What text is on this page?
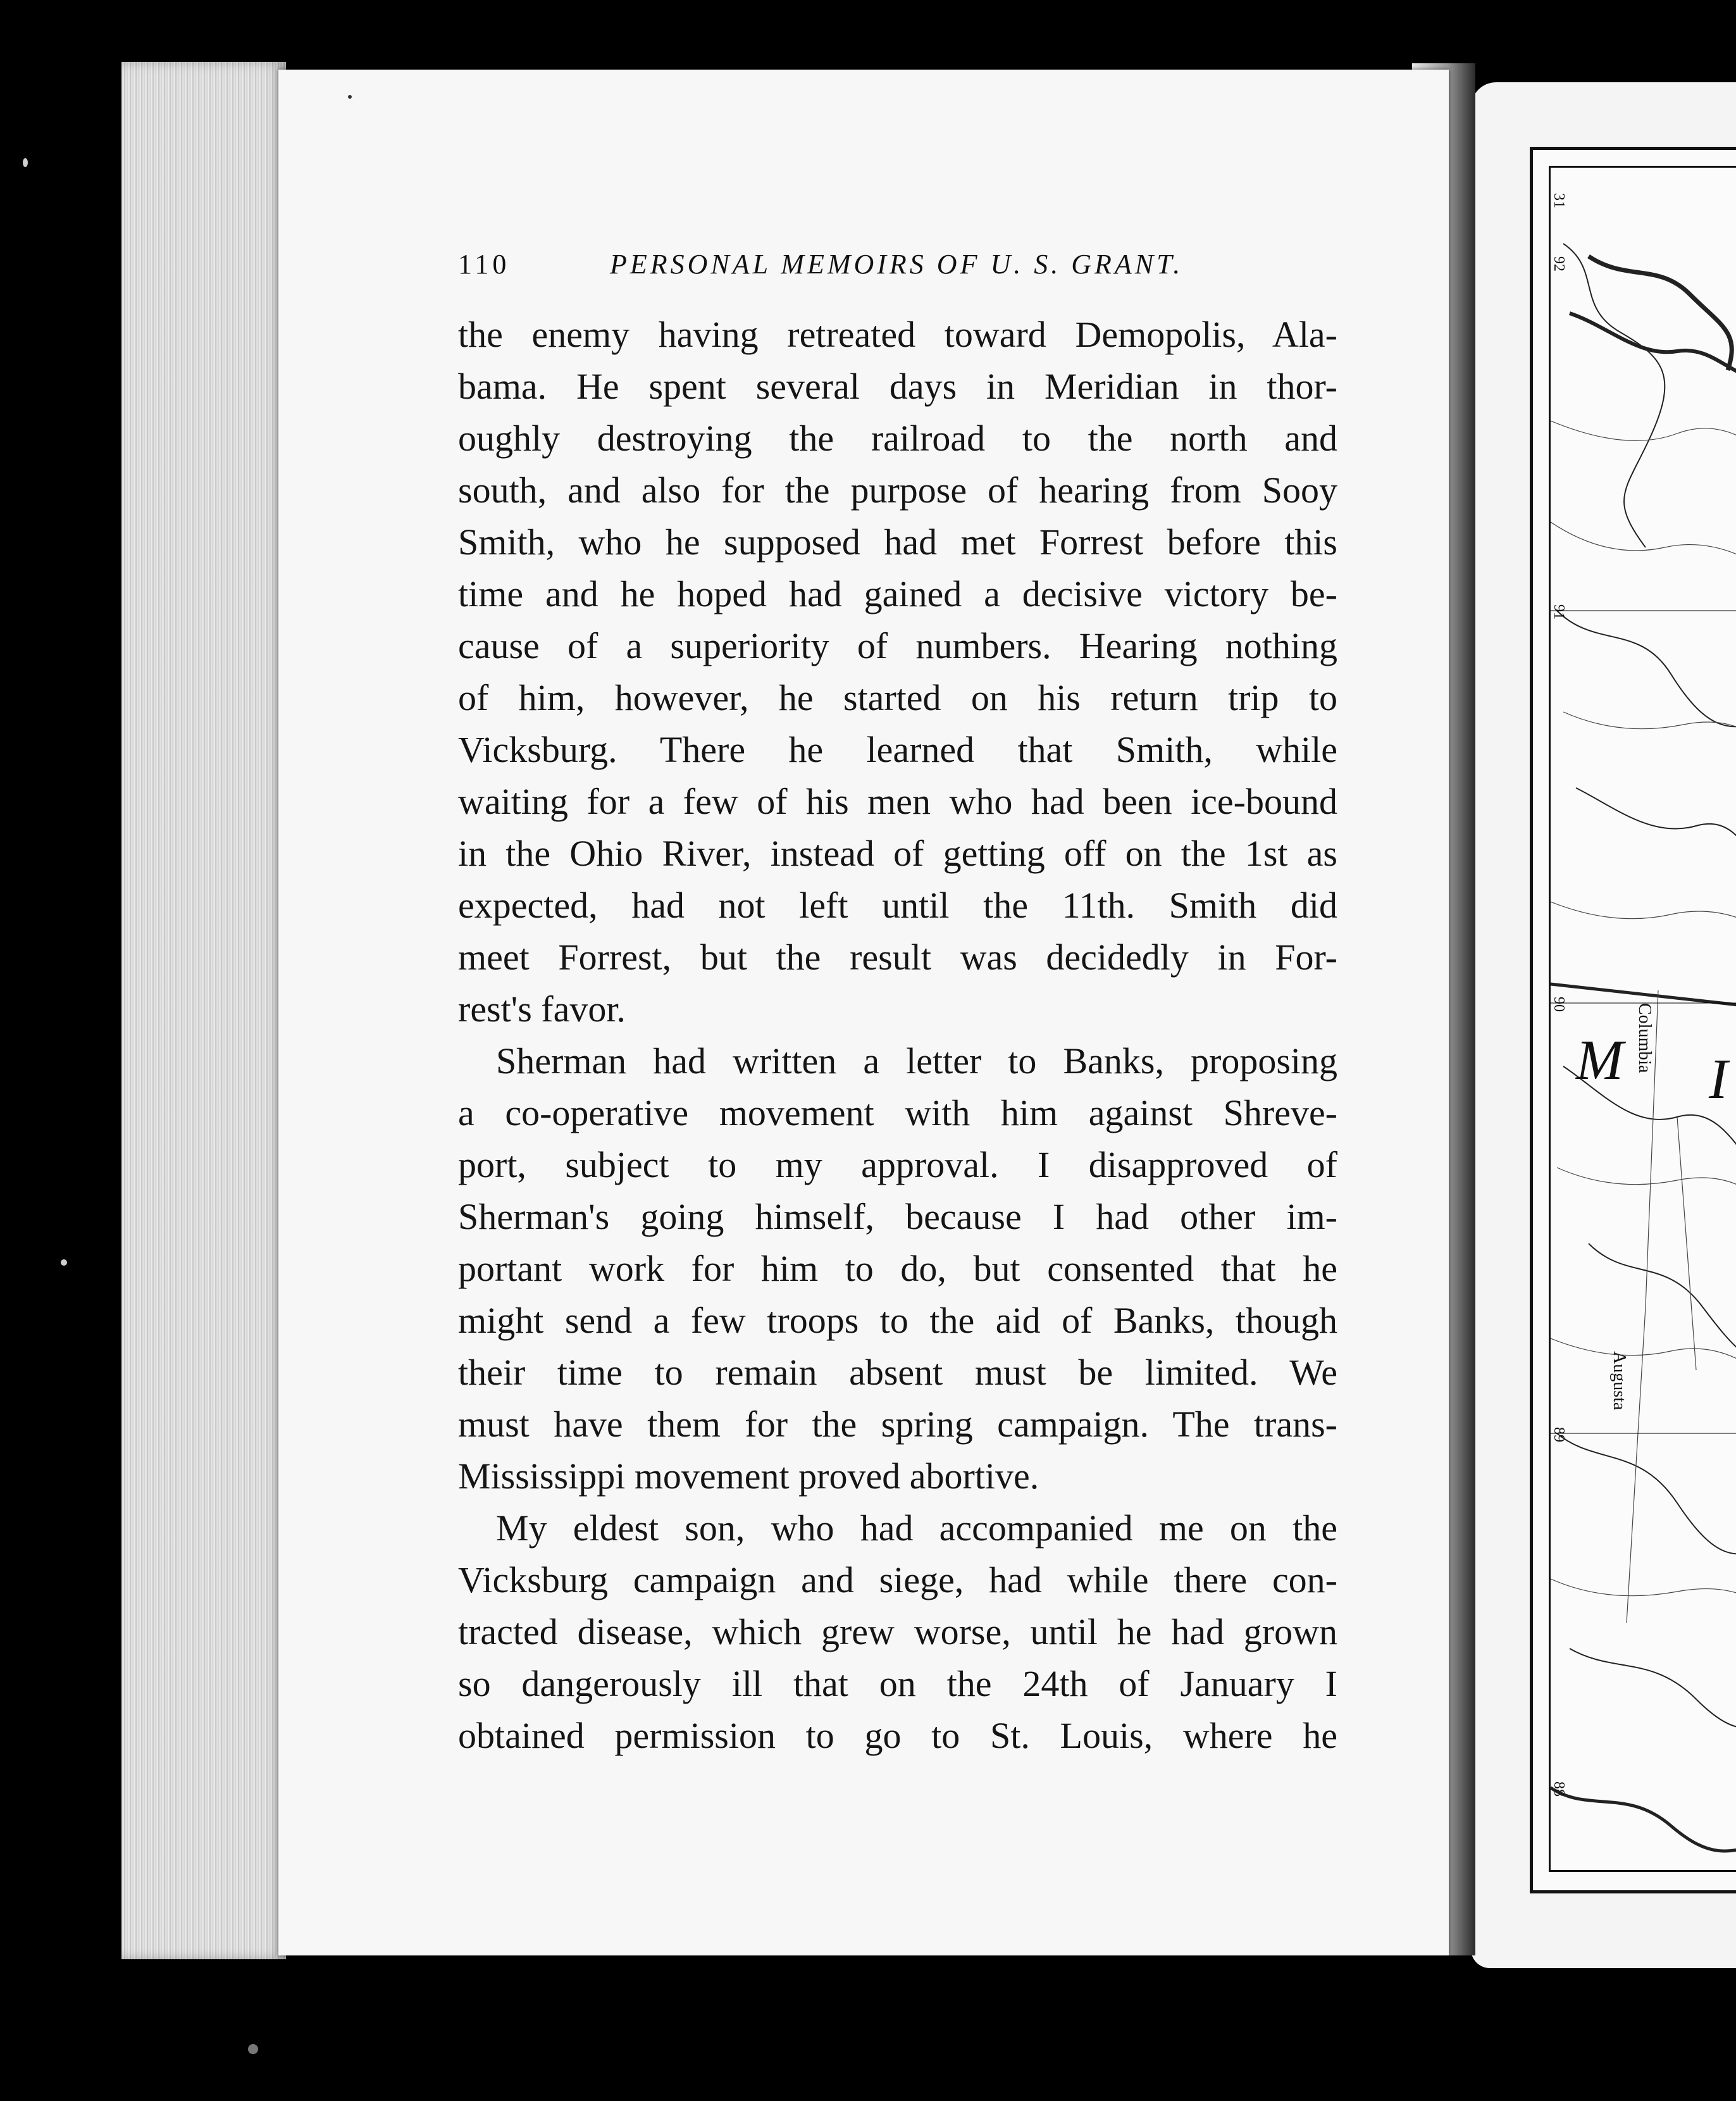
31
92
91
90
89
88
Columbia
Augusta
M I
110	PERSONAL MEMOIRS OF U. S. GRANT.
the enemy having retreated toward Demopolis, Ala-
bama. He spent several days in Meridian in thor-
oughly destroying the railroad to the north and
south, and also for the purpose of hearing from Sooy
Smith, who he supposed had met Forrest before this
time and he hoped had gained a decisive victory be-
cause of a superiority of numbers. Hearing nothing
of him, however, he started on his return trip to
Vicksburg. There he learned that Smith, while
waiting for a few of his men who had been ice-bound
in the Ohio River, instead of getting off on the 1st as
expected, had not left until the 11th. Smith did
meet Forrest, but the result was decidedly in For-
rest's favor.
Sherman had written a letter to Banks, proposing
a co-operative movement with him against Shreve-
port, subject to my approval. I disapproved of
Sherman's going himself, because I had other im-
portant work for him to do, but consented that he
might send a few troops to the aid of Banks, though
their time to remain absent must be limited. We
must have them for the spring campaign. The trans-
Mississippi movement proved abortive.
My eldest son, who had accompanied me on the
Vicksburg campaign and siege, had while there con-
tracted disease, which grew worse, until he had grown
so dangerously ill that on the 24th of January I
obtained permission to go to St. Louis, where he
